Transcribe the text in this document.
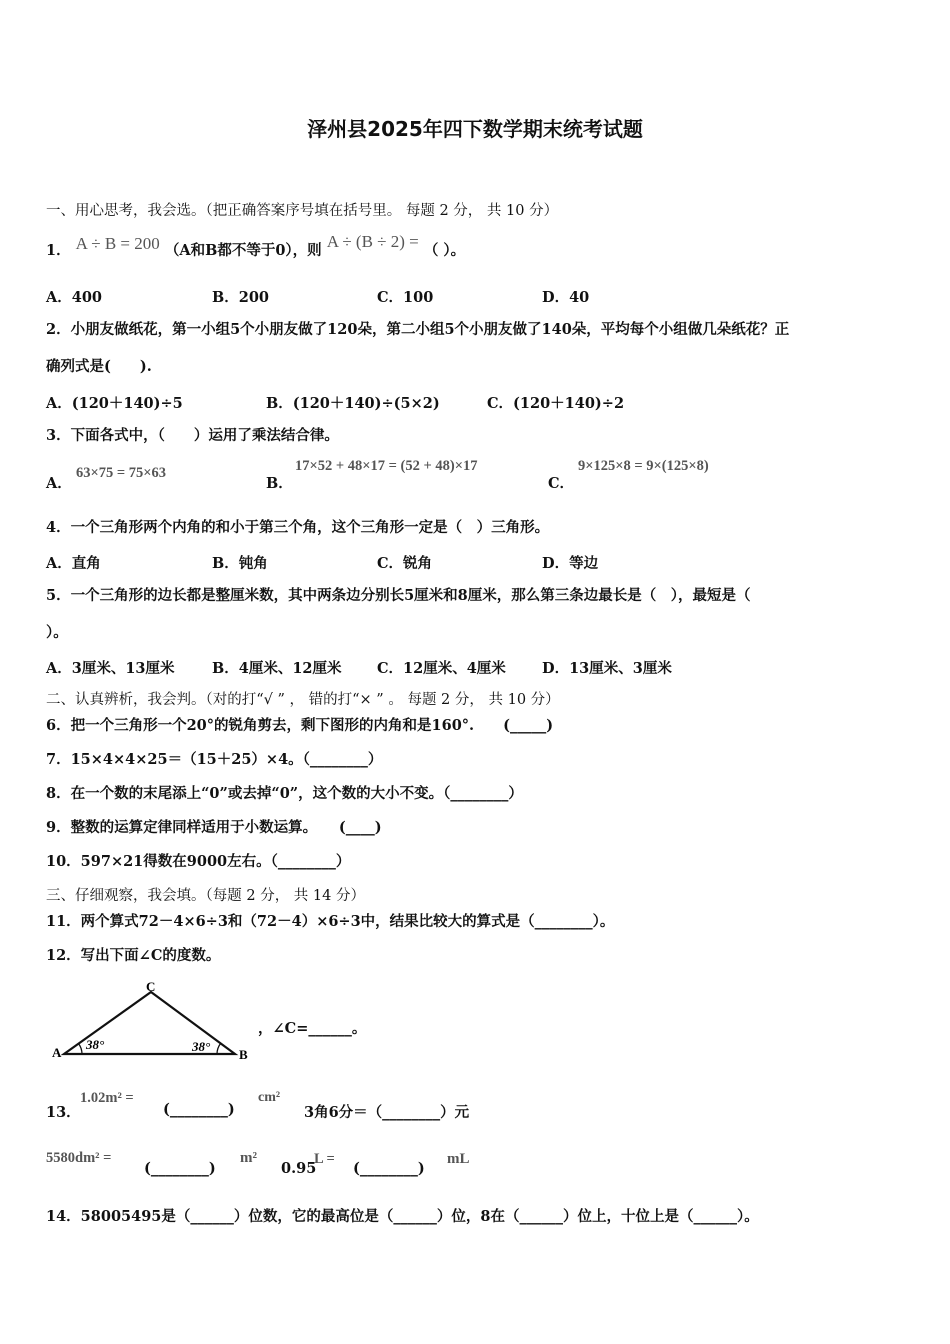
泽州县2025年四下数学期末统考试题
一、用心思考，我会选。（把正确答案序号填在括号里。 每题 2 分， 共 10 分）
1． A ÷ B = 200 （A和B都不等于0），则 A ÷ (B ÷ 2) = （ ）。
A．400	B．200	C．100	D．40
2．小朋友做纸花，第一小组5个小朋友做了120朵，第二小组5个小朋友做了140朵，平均每个小组做几朵纸花？正
确列式是(　　).
A．(120＋140)÷5	B．(120＋140)÷(5×2)	C．(120＋140)÷2
3．下面各式中，（　　）运用了乘法结合律。
A．
63×75 = 75×63
B．
17×52 + 48×17 = (52 + 48)×17
C．
9×125×8 = 9×(125×8)
4．一个三角形两个内角的和小于第三个角，这个三角形一定是（　）三角形。
A．直角	B．钝角	C．锐角	D．等边
5．一个三角形的边长都是整厘米数，其中两条边分别长5厘米和8厘米，那么第三条边最长是（　），最短是（
）。
A．3厘米、13厘米	B．4厘米、12厘米 C．12厘米、4厘米 D．13厘米、3厘米
二、认真辨析，我会判。（对的打“√ ” ， 错的打“× ” 。 每题 2 分， 共 10 分）
6．把一个三角形一个20°的锐角剪去，剩下图形的内角和是160°.　　(_____)
7．15×4×4×25＝（15＋25）×4。（________）
8．在一个数的末尾添上“0”或去掉“0”，这个数的大小不变。（________）
9．整数的运算定律同样适用于小数运算。　　(____)
10．597×21得数在9000左右。（________）
三、仔细观察，我会填。（每题 2 分， 共 14 分）
11．两个算式72－4×6÷3和（72－4）×6÷3中，结果比较大的算式是（________）。
12．写出下面∠C的度数。
A	B
C
38°	38°
，∠C=______。
13．
1.02m² =
(________)
cm²
3角6分＝（________）元
5580dm² =
(________)
m²
0.95
L =
(________)
mL
14．58005495是（______）位数，它的最高位是（______）位，8在（______）位上，十位上是（______）。
